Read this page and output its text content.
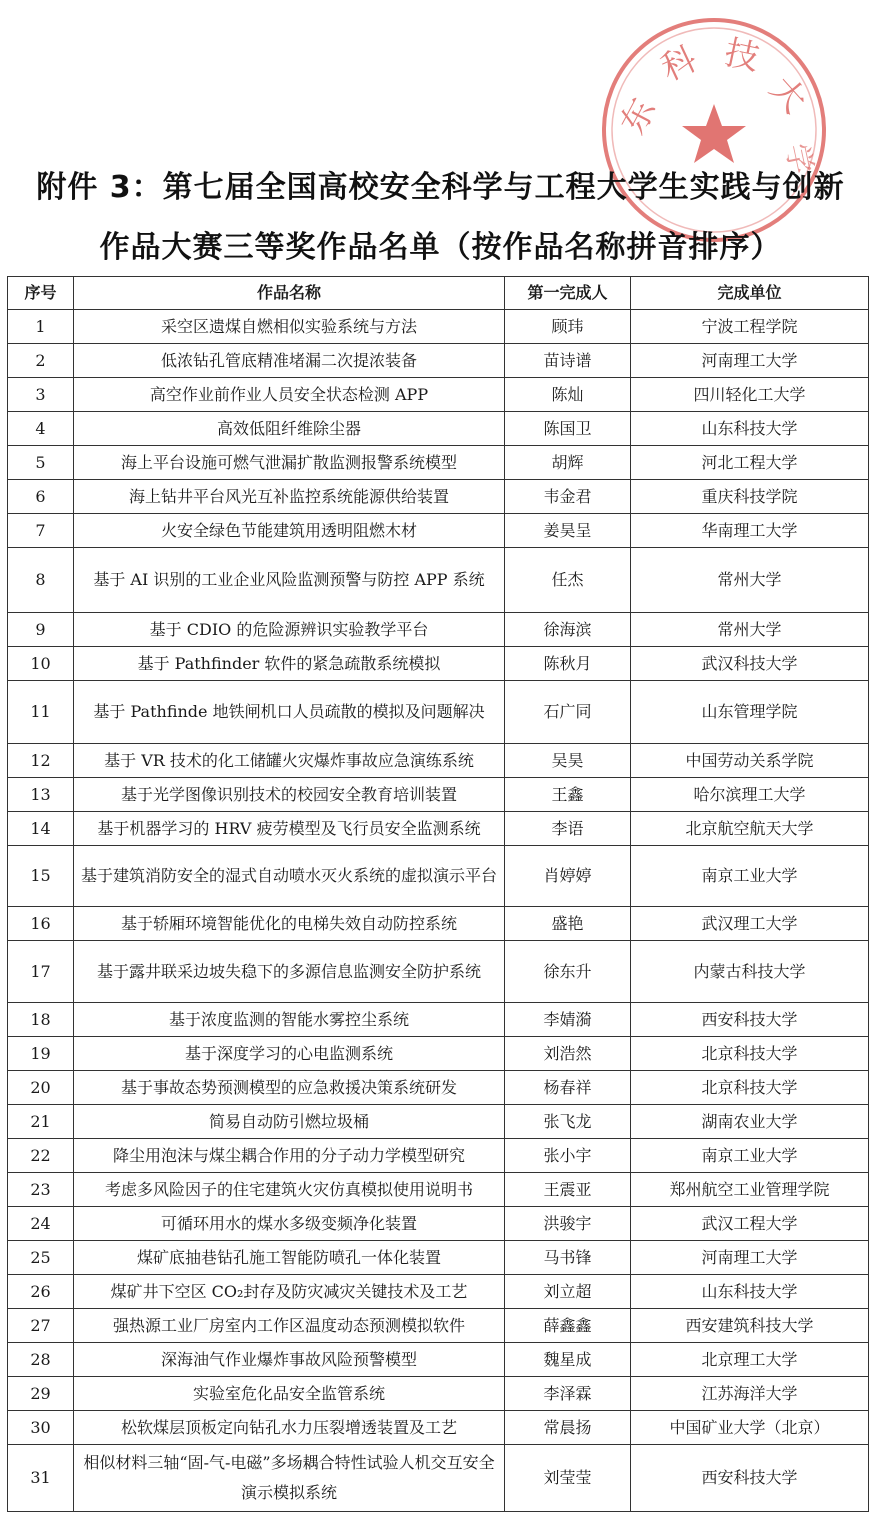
东
科 技
大
学
附件 3：第七届全国高校安全科学与工程大学生实践与创新
作品大赛三等奖作品名单（按作品名称拼音排序）
序号	作品名称	第一完成人	完成单位
1	采空区遗煤自燃相似实验系统与方法	顾玮	宁波工程学院
2	低浓钻孔管底精准堵漏二次提浓装备	苗诗谱	河南理工大学
3	高空作业前作业人员安全状态检测 APP	陈灿	四川轻化工大学
4	高效低阻纤维除尘器	陈国卫	山东科技大学
5	海上平台设施可燃气泄漏扩散监测报警系统模型	胡辉	河北工程大学
6	海上钻井平台风光互补监控系统能源供给装置	韦金君	重庆科技学院
7	火安全绿色节能建筑用透明阻燃木材	姜昊呈	华南理工大学
8	基于 AI 识别的工业企业风险监测预警与防控 APP 系统	任杰	常州大学
9	基于 CDIO 的危险源辨识实验教学平台	徐海滨	常州大学
10	基于 Pathfinder 软件的紧急疏散系统模拟	陈秋月	武汉科技大学
11	基于 Pathfinde 地铁闸机口人员疏散的模拟及问题解决	石广同	山东管理学院
12	基于 VR 技术的化工储罐火灾爆炸事故应急演练系统	吴昊	中国劳动关系学院
13	基于光学图像识别技术的校园安全教育培训装置	王鑫	哈尔滨理工大学
14	基于机器学习的 HRV 疲劳模型及飞行员安全监测系统	李语	北京航空航天大学
15	基于建筑消防安全的湿式自动喷水灭火系统的虚拟演示平台	肖婷婷	南京工业大学
16	基于轿厢环境智能优化的电梯失效自动防控系统	盛艳	武汉理工大学
17	基于露井联采边坡失稳下的多源信息监测安全防护系统	徐东升	内蒙古科技大学
18	基于浓度监测的智能水雾控尘系统	李婧漪	西安科技大学
19	基于深度学习的心电监测系统	刘浩然	北京科技大学
20	基于事故态势预测模型的应急救援决策系统研发	杨春祥	北京科技大学
21	简易自动防引燃垃圾桶	张飞龙	湖南农业大学
22	降尘用泡沫与煤尘耦合作用的分子动力学模型研究	张小宇	南京工业大学
23	考虑多风险因子的住宅建筑火灾仿真模拟使用说明书	王震亚	郑州航空工业管理学院
24	可循环用水的煤水多级变频净化装置	洪骏宇	武汉工程大学
25	煤矿底抽巷钻孔施工智能防喷孔一体化装置	马书锋	河南理工大学
26	煤矿井下空区 CO₂封存及防灾减灾关键技术及工艺	刘立超	山东科技大学
27	强热源工业厂房室内工作区温度动态预测模拟软件	薛鑫鑫	西安建筑科技大学
28	深海油气作业爆炸事故风险预警模型	魏星成	北京理工大学
29	实验室危化品安全监管系统	李泽霖	江苏海洋大学
30	松软煤层顶板定向钻孔水力压裂增透装置及工艺	常晨扬	中国矿业大学（北京）
31	相似材料三轴“固-气-电磁”多场耦合特性试验人机交互安全演示模拟系统	刘莹莹	西安科技大学
